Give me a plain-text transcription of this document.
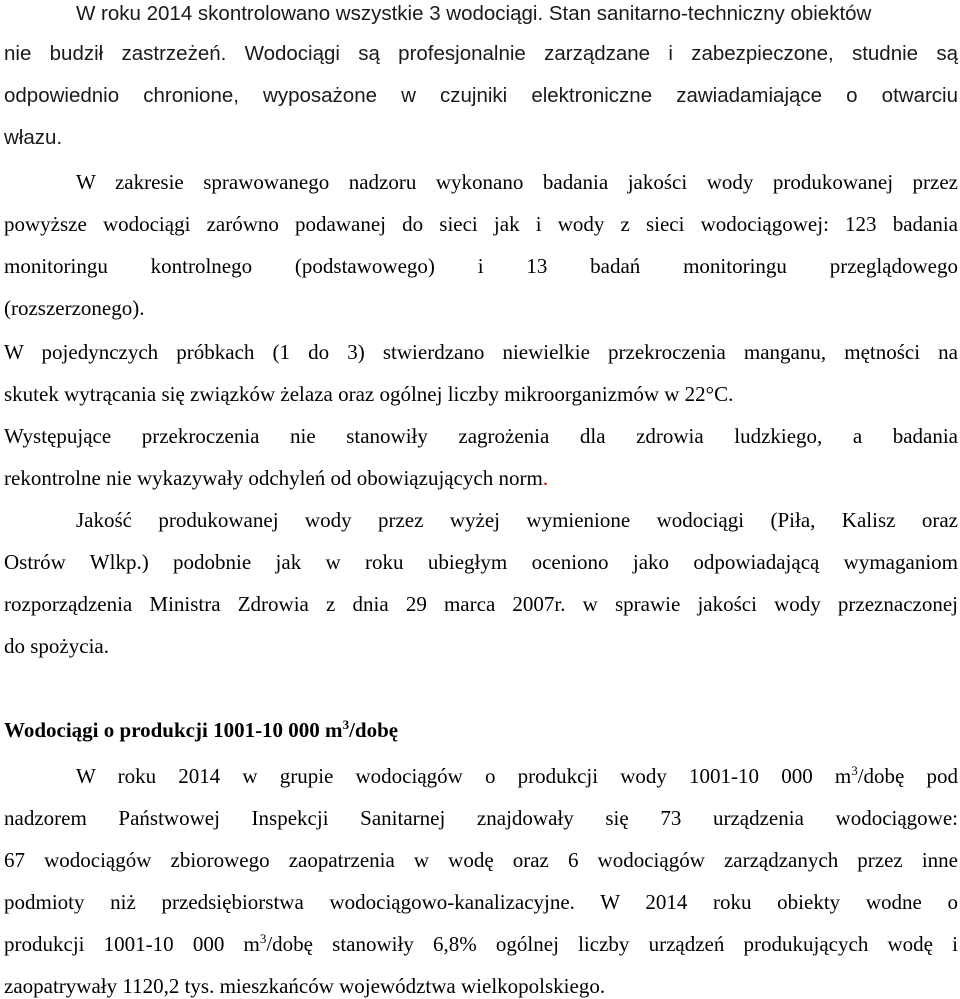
W roku 2014 skontrolowano wszystkie 3 wodociągi. Stan sanitarno-techniczny obiektów
nie budził zastrzeżeń. Wodociągi są profesjonalnie zarządzane i zabezpieczone, studnie są
odpowiednio chronione, wyposażone w czujniki elektroniczne zawiadamiające o otwarciu
włazu.
W zakresie sprawowanego nadzoru wykonano badania jakości wody produkowanej przez
powyższe wodociągi zarówno podawanej do sieci jak i wody z sieci wodociągowej: 123 badania
monitoringu kontrolnego (podstawowego) i 13 badań monitoringu przeglądowego
(rozszerzonego).
W pojedynczych próbkach (1 do 3) stwierdzano niewielkie przekroczenia manganu, mętności na
skutek wytrącania się związków żelaza oraz ogólnej liczby mikroorganizmów w 22°C.
Występujące przekroczenia nie stanowiły zagrożenia dla zdrowia ludzkiego, a badania
rekontrolne nie wykazywały odchyleń od obowiązujących norm.
Jakość produkowanej wody przez wyżej wymienione wodociągi (Piła, Kalisz oraz
Ostrów Wlkp.) podobnie jak w roku ubiegłym oceniono jako odpowiadającą wymaganiom
rozporządzenia Ministra Zdrowia z dnia 29 marca 2007r. w sprawie jakości wody przeznaczonej
do spożycia.
Wodociągi o produkcji 1001-10 000 $m^3$/dobę
W roku 2014 w grupie wodociągów o produkcji wody 1001-10 000 $m^3$/dobę pod
nadzorem Państwowej Inspekcji Sanitarnej znajdowały się 73 urządzenia wodociągowe:
67 wodociągów zbiorowego zaopatrzenia w wodę oraz 6 wodociągów zarządzanych przez inne
podmioty niż przedsiębiorstwa wodociągowo-kanalizacyjne. W 2014 roku obiekty wodne o
produkcji 1001-10 000 $m^3$/dobę stanowiły 6,8% ogólnej liczby urządzeń produkujących wodę i
zaopatrywały 1120,2 tys. mieszkańców województwa wielkopolskiego.
